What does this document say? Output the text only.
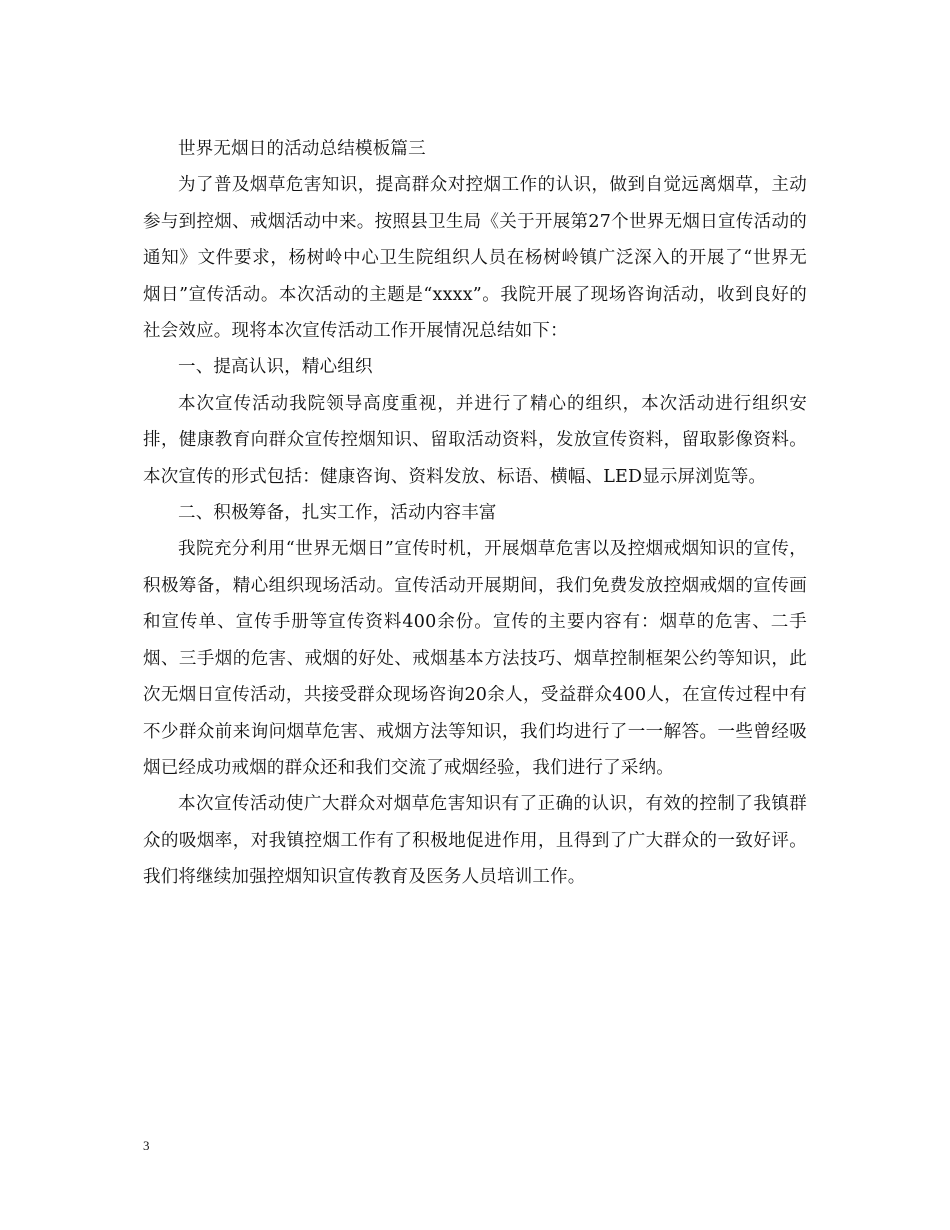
世界无烟日的活动总结模板篇三

为了普及烟草危害知识，提高群众对控烟工作的认识，做到自觉远离烟草，主动参与到控烟、戒烟活动中来。按照县卫生局《关于开展第27个世界无烟日宣传活动的通知》文件要求，杨树岭中心卫生院组织人员在杨树岭镇广泛深入的开展了“世界无烟日”宣传活动。本次活动的主题是“xxxx”。我院开展了现场咨询活动，收到良好的社会效应。现将本次宣传活动工作开展情况总结如下：

一、提高认识，精心组织

本次宣传活动我院领导高度重视，并进行了精心的组织，本次活动进行组织安排，健康教育向群众宣传控烟知识、留取活动资料，发放宣传资料，留取影像资料。本次宣传的形式包括：健康咨询、资料发放、标语、横幅、LED显示屏浏览等。

二、积极筹备，扎实工作，活动内容丰富

我院充分利用“世界无烟日”宣传时机，开展烟草危害以及控烟戒烟知识的宣传，积极筹备，精心组织现场活动。宣传活动开展期间，我们免费发放控烟戒烟的宣传画和宣传单、宣传手册等宣传资料400余份。宣传的主要内容有：烟草的危害、二手烟、三手烟的危害、戒烟的好处、戒烟基本方法技巧、烟草控制框架公约等知识，此次无烟日宣传活动，共接受群众现场咨询20余人，受益群众400人，在宣传过程中有不少群众前来询问烟草危害、戒烟方法等知识，我们均进行了一一解答。一些曾经吸烟已经成功戒烟的群众还和我们交流了戒烟经验，我们进行了采纳。

本次宣传活动使广大群众对烟草危害知识有了正确的认识，有效的控制了我镇群众的吸烟率，对我镇控烟工作有了积极地促进作用，且得到了广大群众的一致好评。我们将继续加强控烟知识宣传教育及医务人员培训工作。

3
